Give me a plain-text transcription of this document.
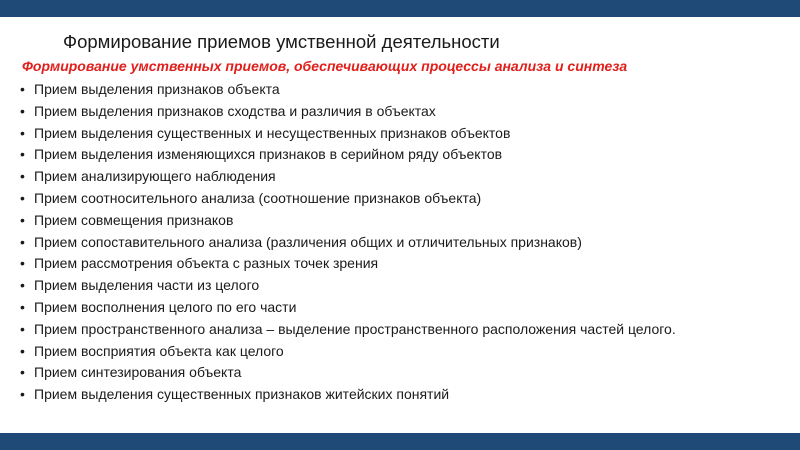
Формирование приемов умственной деятельности
Формирование умственных приемов, обеспечивающих процессы анализа и синтеза
• Прием выделения признаков объекта
• Прием выделения признаков сходства и различия в объектах
• Прием выделения существенных и несущественных признаков объектов
• Прием выделения изменяющихся признаков в серийном ряду объектов
• Прием анализирующего наблюдения
• Прием соотносительного анализа (соотношение признаков объекта)
• Прием совмещения признаков
• Прием сопоставительного анализа (различения общих и отличительных признаков)
• Прием рассмотрения объекта с разных точек зрения
• Прием выделения части из целого
• Прием восполнения целого по его части
• Прием пространственного анализа – выделение пространственного расположения частей целого.
• Прием восприятия объекта как целого
• Прием синтезирования объекта
• Прием выделения существенных признаков житейских понятий
